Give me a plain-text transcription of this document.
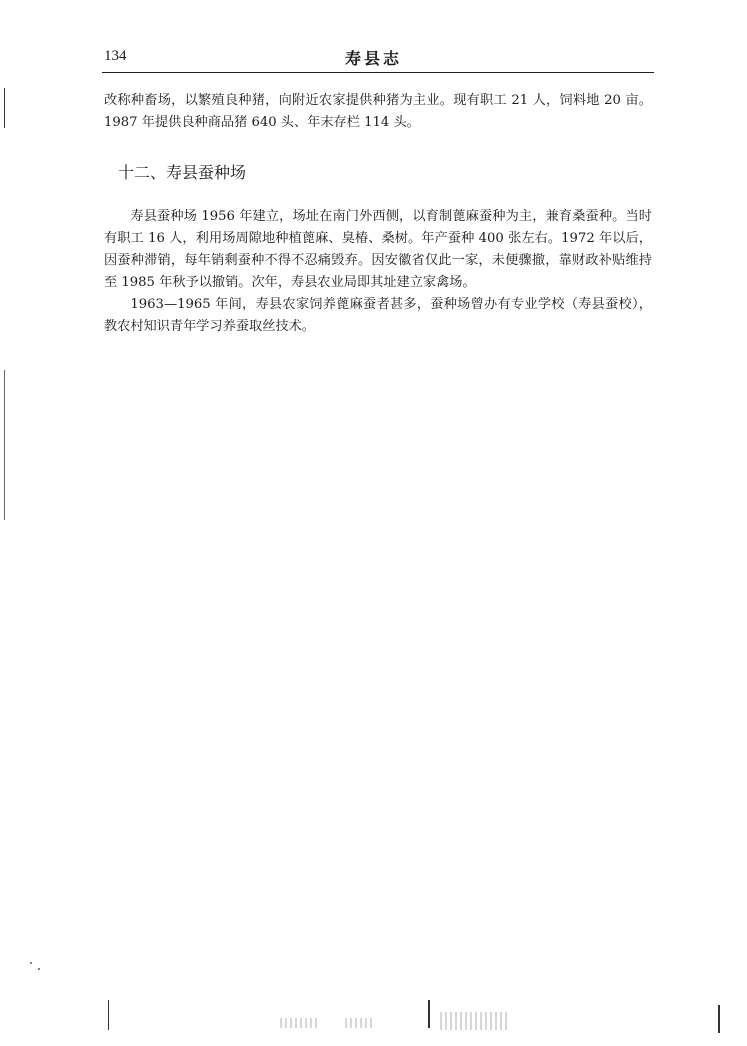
134	寿县志

改称种畜场，以繁殖良种猪，向附近农家提供种猪为主业。现有职工 21 人，饲料地 20 亩。1987 年提供良种商品猪 640 头、年末存栏 114 头。

十二、寿县蚕种场

寿县蚕种场 1956 年建立，场址在南门外西侧，以育制蓖麻蚕种为主，兼育桑蚕种。当时有职工 16 人，利用场周隙地种植蓖麻、臭椿、桑树。年产蚕种 400 张左右。1972 年以后，因蚕种滞销，每年销剩蚕种不得不忍痛毁弃。因安徽省仅此一家，未便骤撤，靠财政补贴维持至 1985 年秋予以撤销。次年，寿县农业局即其址建立家禽场。

1963—1965 年间，寿县农家饲养蓖麻蚕者甚多，蚕种场曾办有专业学校（寿县蚕校），教农村知识青年学习养蚕取丝技术。
